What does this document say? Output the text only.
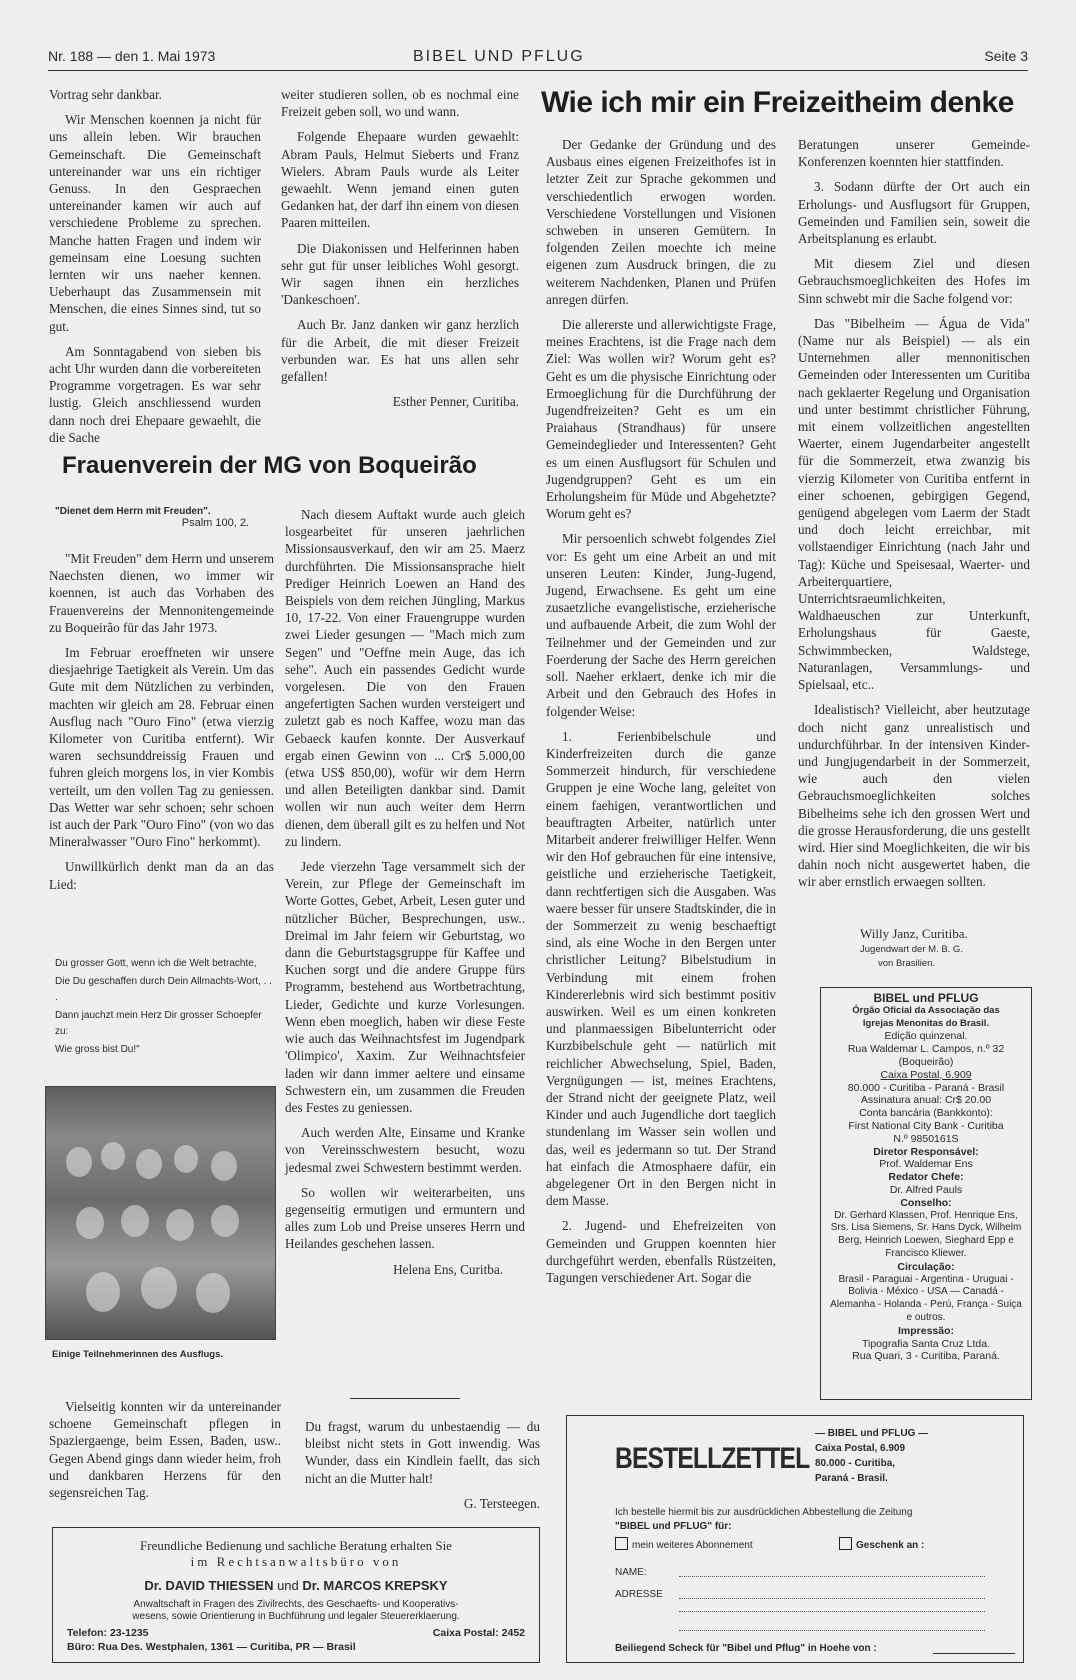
Nr. 188 — den 1. Mai 1973	BIBEL UND PFLUG	Seite 3

Vortrag sehr dankbar.

Wir Menschen koennen ja nicht für uns allein leben. Wir brauchen Gemeinschaft. Die Gemeinschaft untereinander war uns ein richtiger Genuss. In den Gespraechen untereinander kamen wir auch auf verschiedene Probleme zu sprechen. Manche hatten Fragen und indem wir gemeinsam eine Loesung suchten lernten wir uns naeher kennen. Ueberhaupt das Zusammensein mit Menschen, die eines Sinnes sind, tut so gut.

Am Sonntagabend von sieben bis acht Uhr wurden dann die vorbereiteten Programme vorgetragen. Es war sehr lustig. Gleich anschliessend wurden dann noch drei Ehepaare gewaehlt, die die Sache

weiter studieren sollen, ob es nochmal eine Freizeit geben soll, wo und wann.

Folgende Ehepaare wurden gewaehlt: Abram Pauls, Helmut Sieberts und Franz Wielers. Abram Pauls wurde als Leiter gewaehlt. Wenn jemand einen guten Gedanken hat, der darf ihn einem von diesen Paaren mitteilen.

Die Diakonissen und Helferinnen haben sehr gut für unser leibliches Wohl gesorgt. Wir sagen ihnen ein herzliches 'Dankeschoen'.

Auch Br. Janz danken wir ganz herzlich für die Arbeit, die mit dieser Freizeit verbunden war. Es hat uns allen sehr gefallen!

Esther Penner, Curitiba.

Frauenverein der MG von Boqueirão
"Dienet dem Herrn mit Freuden".
Psalm 100, 2.

"Mit Freuden" dem Herrn und unserem Naechsten dienen, wo immer wir koennen, ist auch das Vorhaben des Frauenvereins der Mennonitengemeinde zu Boqueirão für das Jahr 1973.

Im Februar eroeffneten wir unsere diesjaehrige Taetigkeit als Verein. Um das Gute mit dem Nützlichen zu verbinden, machten wir gleich am 28. Februar einen Ausflug nach "Ouro Fino" (etwa vierzig Kilometer von Curitiba entfernt). Wir waren sechsunddreissig Frauen und fuhren gleich morgens los, in vier Kombis verteilt, um den vollen Tag zu geniessen. Das Wetter war sehr schoen; sehr schoen ist auch der Park "Ouro Fino" (von wo das Mineralwasser "Ouro Fino" herkommt).

Unwillkürlich denkt man da an das Lied:

Du grosser Gott, wenn ich die Welt betrachte,
Die Du geschaffen durch Dein Allmachts-Wort, . . .
Dann jauchzt mein Herz Dir grosser Schoepfer zu:
Wie gross bist Du!"
Einige Teilnehmerinnen des Ausflugs.

Vielseitig konnten wir da untereinander schoene Gemeinschaft pflegen in Spaziergaenge, beim Essen, Baden, usw.. Gegen Abend gings dann wieder heim, froh und dankbaren Herzens für den segensreichen Tag.

Nach diesem Auftakt wurde auch gleich losgearbeitet für unseren jaehrlichen Missionsausverkauf, den wir am 25. Maerz durchführten. Die Missionsansprache hielt Prediger Heinrich Loewen an Hand des Beispiels von dem reichen Jüngling, Markus 10, 17-22. Von einer Frauengruppe wurden zwei Lieder gesungen — "Mach mich zum Segen" und "Oeffne mein Auge, das ich sehe". Auch ein passendes Gedicht wurde vorgelesen. Die von den Frauen angefertigten Sachen wurden versteigert und zuletzt gab es noch Kaffee, wozu man das Gebaeck kaufen konnte. Der Ausverkauf ergab einen Gewinn von ... Cr$ 5.000,00 (etwa US$ 850,00), wofür wir dem Herrn und allen Beteiligten dankbar sind. Damit wollen wir nun auch weiter dem Herrn dienen, dem überall gilt es zu helfen und Not zu lindern.

Jede vierzehn Tage versammelt sich der Verein, zur Pflege der Gemeinschaft im Worte Gottes, Gebet, Arbeit, Lesen guter und nützlicher Bücher, Besprechungen, usw.. Dreimal im Jahr feiern wir Geburtstag, wo dann die Geburtstagsgruppe für Kaffee und Kuchen sorgt und die andere Gruppe fürs Programm, bestehend aus Wortbetrachtung, Lieder, Gedichte und kurze Vorlesungen. Wenn eben moeglich, haben wir diese Feste wie auch das Weihnachtsfest im Jugendpark 'Olimpico', Xaxim. Zur Weihnachtsfeier laden wir dann immer aeltere und einsame Schwestern ein, um zusammen die Freuden des Festes zu geniessen.

Auch werden Alte, Einsame und Kranke von Vereinsschwestern besucht, wozu jedesmal zwei Schwestern bestimmt werden.

So wollen wir weiterarbeiten, uns gegenseitig ermutigen und ermuntern und alles zum Lob und Preise unseres Herrn und Heilandes geschehen lassen.

Helena Ens, Curitba.

Du fragst, warum du unbestaendig — du bleibst nicht stets in Gott inwendig. Was Wunder, dass ein Kindlein faellt, das sich nicht an die Mutter halt!

G. Tersteegen.

Freundliche Bedienung und sachliche Beratung erhalten Sie
im Rechtsanwaltsbüro von
Dr. DAVID THIESSEN und Dr. MARCOS KREPSKY
Anwaltschaft in Fragen des Zivilrechts, des Geschaefts- und Kooperativs-
wesens, sowie Orientierung in Buchführung und legaler Steuererklaerung.
Telefon: 23-1235	Caixa Postal: 2452
Büro: Rua Des. Westphalen, 1361 — Curitiba, PR — Brasil
Wie ich mir ein Freizeitheim denke

Der Gedanke der Gründung und des Ausbaus eines eigenen Freizeithofes ist in letzter Zeit zur Sprache gekommen und verschiedentlich erwogen worden. Verschiedene Vorstellungen und Visionen schweben in unseren Gemütern. In folgenden Zeilen moechte ich meine eigenen zum Ausdruck bringen, die zu weiterem Nachdenken, Planen und Prüfen anregen dürfen.

Die allererste und allerwichtigste Frage, meines Erachtens, ist die Frage nach dem Ziel: Was wollen wir? Worum geht es? Geht es um die physische Einrichtung oder Ermoeglichung für die Durchführung der Jugendfreizeiten? Geht es um ein Praiahaus (Strandhaus) für unsere Gemeindeglieder und Interessenten? Geht es um einen Ausflugsort für Schulen und Jugendgruppen? Geht es um ein Erholungsheim für Müde und Abgehetzte? Worum geht es?

Mir persoenlich schwebt folgendes Ziel vor: Es geht um eine Arbeit an und mit unseren Leuten: Kinder, Jung-Jugend, Jugend, Erwachsene. Es geht um eine zusaetzliche evangelistische, erzieherische und aufbauende Arbeit, die zum Wohl der Teilnehmer und der Gemeinden und zur Foerderung der Sache des Herrn gereichen soll. Naeher erklaert, denke ich mir die Arbeit und den Gebrauch des Hofes in folgender Weise:

1. Ferienbibelschule und Kinderfreizeiten durch die ganze Sommerzeit hindurch, für verschiedene Gruppen je eine Woche lang, geleitet von einem faehigen, verantwortlichen und beauftragten Arbeiter, natürlich unter Mitarbeit anderer freiwilliger Helfer. Wenn wir den Hof gebrauchen für eine intensive, geistliche und erzieherische Taetigkeit, dann rechtfertigen sich die Ausgaben. Was waere besser für unsere Stadtskinder, die in der Sommerzeit zu wenig beschaeftigt sind, als eine Woche in den Bergen unter christlicher Leitung? Bibelstudium in Verbindung mit einem frohen Kindererlebnis wird sich bestimmt positiv auswirken. Weil es um einen konkreten und planmaessigen Bibelunterricht oder Kurzbibelschule geht — natürlich mit reichlicher Abwechselung, Spiel, Baden, Vergnügungen — ist, meines Erachtens, der Strand nicht der geeignete Platz, weil Kinder und auch Jugendliche dort taeglich stundenlang im Wasser sein wollen und das, weil es jedermann so tut. Der Strand hat einfach die Atmosphaere dafür, ein abgelegener Ort in den Bergen nicht in dem Masse.

2. Jugend- und Ehefreizeiten von Gemeinden und Gruppen koennten hier durchgeführt werden, ebenfalls Rüstzeiten, Tagungen verschiedener Art. Sogar die

Beratungen unserer Gemeinde-Konferenzen koennten hier stattfinden.

3. Sodann dürfte der Ort auch ein Erholungs- und Ausflugsort für Gruppen, Gemeinden und Familien sein, soweit die Arbeitsplanung es erlaubt.

Mit diesem Ziel und diesen Gebrauchsmoeglichkeiten des Hofes im Sinn schwebt mir die Sache folgend vor:

Das "Bibelheim — Água de Vida" (Name nur als Beispiel) — als ein Unternehmen aller mennonitischen Gemeinden oder Interessenten um Curitiba nach geklaerter Regelung und Organisation und unter bestimmt christlicher Führung, mit einem vollzeitlichen angestellten Waerter, einem Jugendarbeiter angestellt für die Sommerzeit, etwa zwanzig bis vierzig Kilometer von Curitiba entfernt in einer schoenen, gebirgigen Gegend, genügend abgelegen vom Laerm der Stadt und doch leicht erreichbar, mit vollstaendiger Einrichtung (nach Jahr und Tag): Küche und Speisesaal, Waerter- und Arbeiterquartiere, Unterrichtsraeumlichkeiten, Waldhaeuschen zur Unterkunft, Erholungshaus für Gaeste, Schwimmbecken, Waldstege, Naturanlagen, Versammlungs- und Spielsaal, etc..

Idealistisch? Vielleicht, aber heutzutage doch nicht ganz unrealistisch und undurchführbar. In der intensiven Kinder- und Jungjugendarbeit in der Sommerzeit, wie auch den vielen Gebrauchsmoeglichkeiten solches Bibelheims sehe ich den grossen Wert und die grosse Herausforderung, die uns gestellt wird. Hier sind Moeglichkeiten, die wir bis dahin noch nicht ausgewertet haben, die wir aber ernstlich erwaegen sollten.

Willy Janz, Curitiba.
Jugendwart der M. B. G.
von Brasilien.
BIBEL und PFLUG
Órgão Oficial da Associação das
Igrejas Menonitas do Brasil.
Edição quinzenal.
Rua Waldemar L. Campos, n.º 32
(Boqueirão)
Caixa Postal, 6.909
80.000 - Curitiba - Paraná - Brasil
Assinatura anual: Cr$ 20.00
Conta bancária (Bankkonto):
First National City Bank - Curitiba
N.º 9850161S
Diretor Responsável:
Prof. Waldemar Ens
Redator Chefe:
Dr. Alfred Pauls
Conselho:
Dr. Gerhard Klassen, Prof. Henrique Ens, Srs. Lisa Siemens, Sr. Hans Dyck, Wilhelm Berg, Heinrich Loewen, Sieghard Epp e Francisco Kliewer.
Circulação:
Brasil - Paraguai - Argentina - Uruguai - Bolivia - México - USA — Canadá - Alemanha - Holanda - Perú, França - Suiça e outros.
Impressão:
Tipografia Santa Cruz Ltda.
Rua Quari, 3 - Curitiba, Paraná.
BESTELLZETTEL
— BIBEL und PFLUG —
Caixa Postal, 6.909
80.000 - Curitiba,
Paraná - Brasil.
Ich bestelle hiermit bis zur ausdrücklichen Abbestellung die Zeitung
"BIBEL und PFLUG" für:
mein weiteres Abonnement	Geschenk an :
NAME:
ADRESSE
Beiliegend Scheck für "Bibel und Pflug" in Hoehe von :
